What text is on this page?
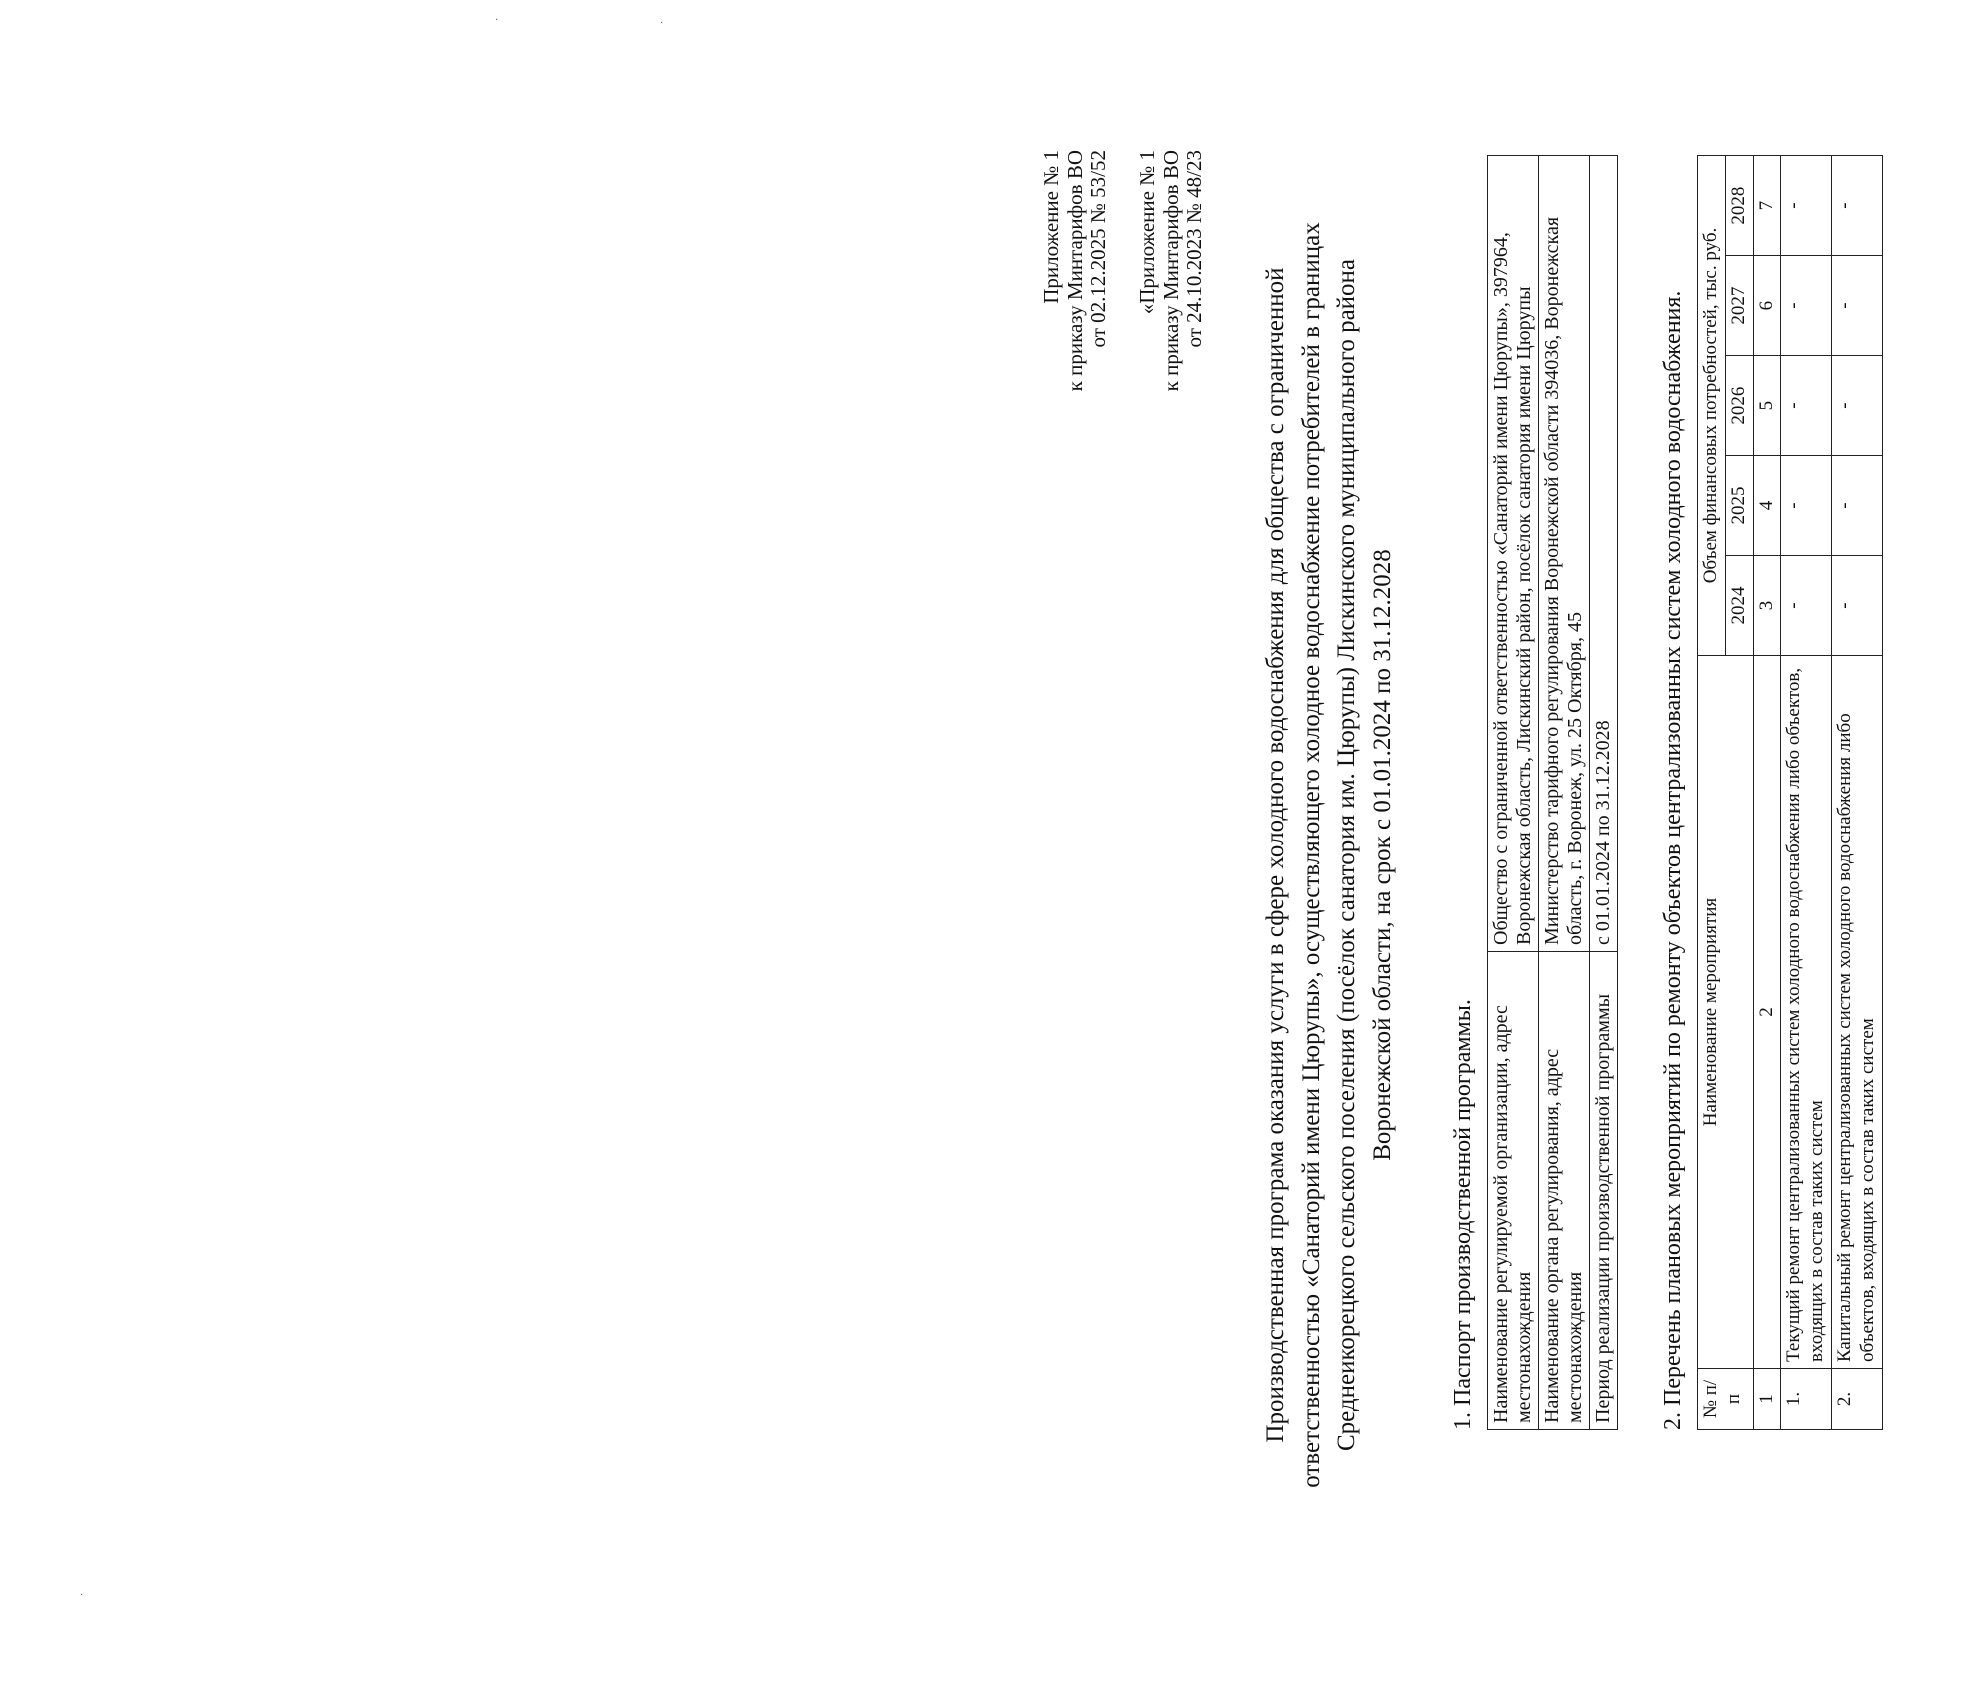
Приложение № 1 к приказу Минтарифов ВО от 02.12.2025 № 53/52 «Приложение № 1 к приказу Минтарифов ВО от 24.10.2023 № 48/23
Производственная програма оказания услуги в сфере холодного водоснабжения для общества с ограниченной ответственностью «Санаторий имени Цюрупы», осуществляющего холодное водоснабжение потребителей в границах Среднеикорецкого сельского поселения (посёлок санатория им. Цюрупы) Лискинского муниципального района Воронежской области, на срок с 01.01.2024 по 31.12.2028
1. Паспорт производственной программы. Наименование регулируемой организации, адрес местонахождения	Общество с ограниченной ответственностью «Санаторий имени Цюрупы», 397964, Воронежская область, Лискинский район, посёлок санатория имени Цюрупы
Наименование органа регулирования, адрес местонахождения	Министерство тарифного регулирования Воронежской области 394036, Воронежская область, г. Воронеж, ул. 25 Октября, 45
Период реализации производственной программы	с 01.01.2024 по 31.12.2028 2. Перечень плановых мероприятий по ремонту объектов централизованных систем холодного водоснабжения. № п/п	Наименование мероприятия	Объем финансовых потребностей, тыс. руб.				
		2024	2025	2026	2027	2028
1	2	3	4	5	6	7
1.	Текущий ремонт централизованных систем холодного водоснабжения либо объектов, входящих в состав таких систем	-	-	-	-	-
2.	Капитальный ремонт централизованных систем холодного водоснабжения либо объектов, входящих в состав таких систем	-	-	-	-	-
·	·
·
